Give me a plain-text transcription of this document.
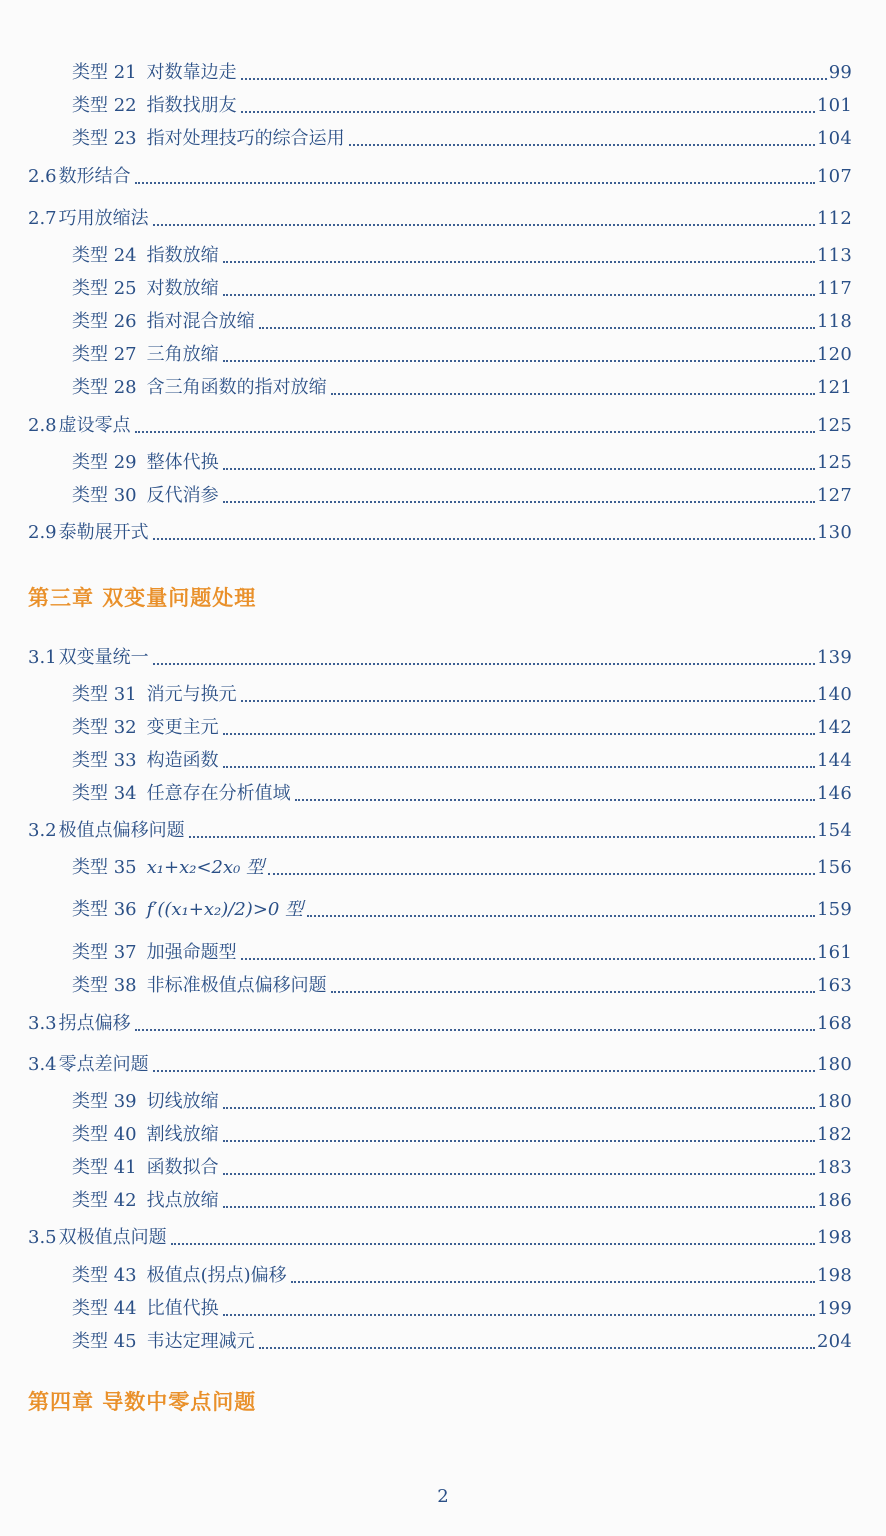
类型 21 对数靠边走	99
类型 22 指数找朋友	101
类型 23 指对处理技巧的综合运用	104
2.6 数形结合	107
2.7 巧用放缩法	112
类型 24 指数放缩	113
类型 25 对数放缩	117
类型 26 指对混合放缩	118
类型 27 三角放缩	120
类型 28 含三角函数的指对放缩	121
2.8 虚设零点	125
类型 29 整体代换	125
类型 30 反代消参	127
2.9 泰勒展开式	130
第三章 双变量问题处理
3.1 双变量统一	139
类型 31 消元与换元	140
类型 32 变更主元	142
类型 33 构造函数	144
类型 34 任意存在分析值域	146
3.2 极值点偏移问题	154
类型 35 x₁+x₂<2x₀ 型	156
类型 36 f′((x₁+x₂)/2)>0 型	159
类型 37 加强命题型	161
类型 38 非标准极值点偏移问题	163
3.3 拐点偏移	168
3.4 零点差问题	180
类型 39 切线放缩	180
类型 40 割线放缩	182
类型 41 函数拟合	183
类型 42 找点放缩	186
3.5 双极值点问题	198
类型 43 极值点(拐点)偏移	198
类型 44 比值代换	199
类型 45 韦达定理减元	204
第四章 导数中零点问题
2
